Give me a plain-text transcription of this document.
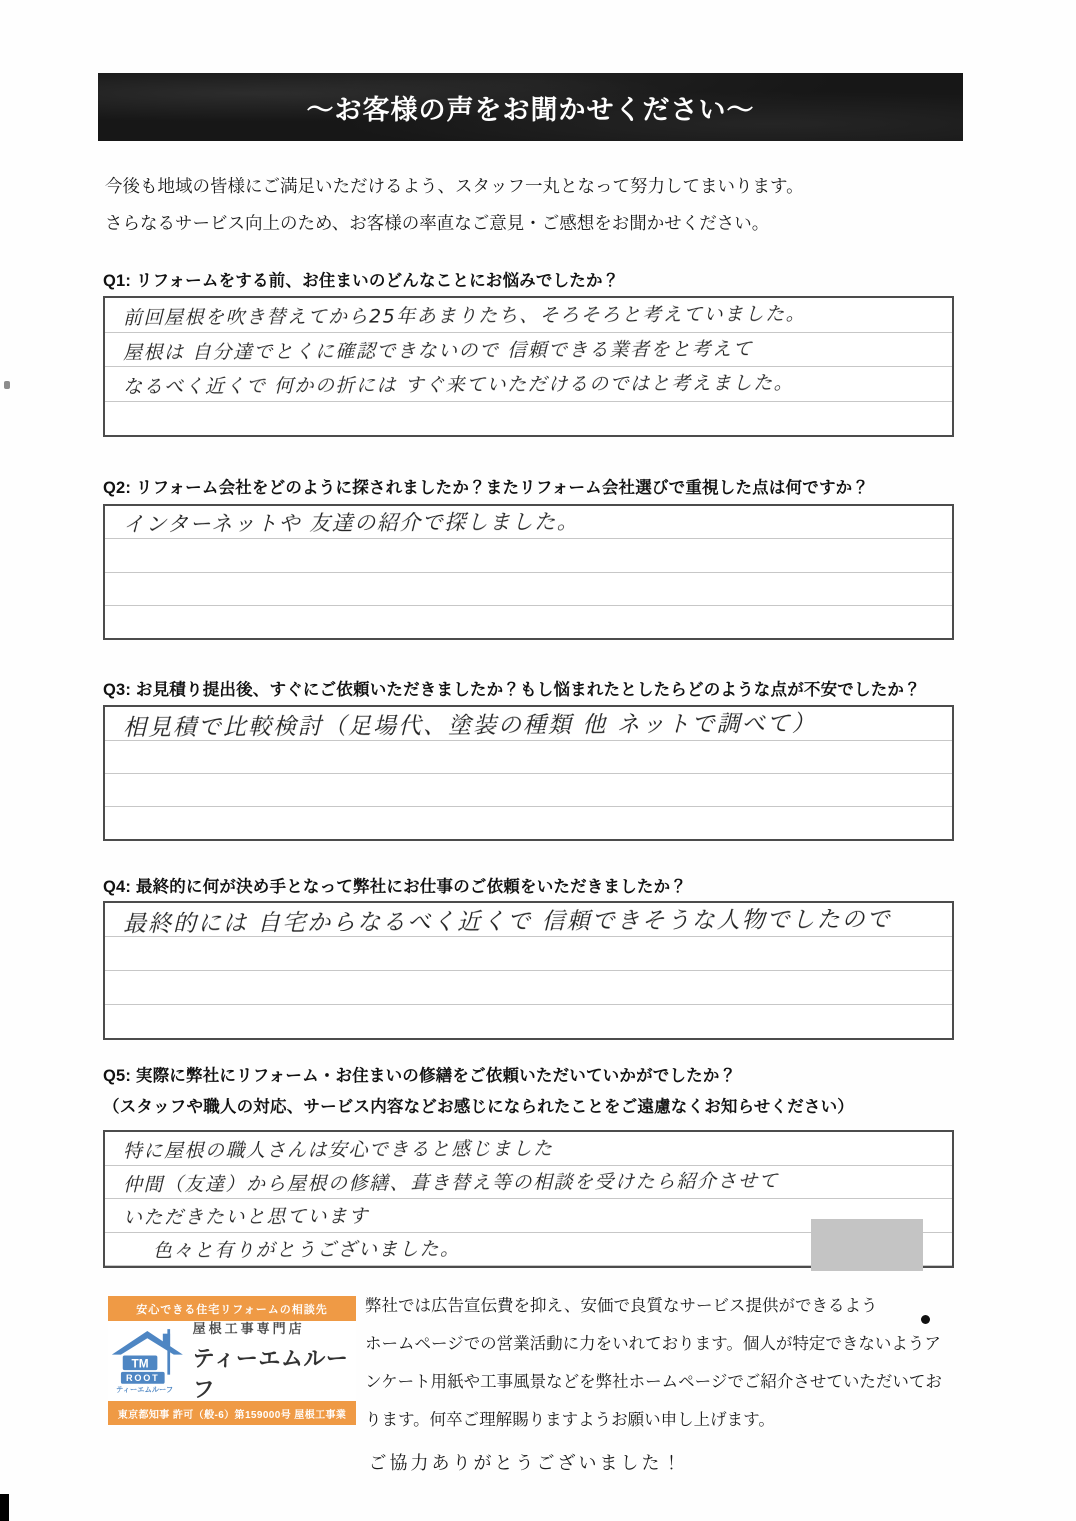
～お客様の声をお聞かせください～
今後も地域の皆様にご満足いただけるよう、スタッフ一丸となって努力してまいります。
さらなるサービス向上のため、お客様の率直なご意見・ご感想をお聞かせください。
Q1: リフォームをする前、お住まいのどんなことにお悩みでしたか？
前回屋根を吹き替えてから25年あまりたち、そろそろと考えていました。
屋根は 自分達でとくに確認できないので 信頼できる業者をと考えて
なるべく近くで 何かの折には すぐ来ていただけるのではと考えました。
Q2: リフォーム会社をどのように探されましたか？またリフォーム会社選びで重視した点は何ですか？
インターネットや 友達の紹介で探しました。
Q3: お見積り提出後、すぐにご依頼いただきましたか？もし悩まれたとしたらどのような点が不安でしたか？
相見積で比較検討（足場代、塗装の種類 他 ネットで調べて）
Q4: 最終的に何が決め手となって弊社にお仕事のご依頼をいただきましたか？
最終的には 自宅からなるべく近くで 信頼できそうな人物でしたので
Q5: 実際に弊社にリフォーム・お住まいの修繕をご依頼いただいていかがでしたか？
（スタッフや職人の対応、サービス内容などお感じになられたことをご遠慮なくお知らせください）
特に屋根の職人さんは安心できると感じました
仲間（友達）から屋根の修繕、葺き替え等の相談を受けたら紹介させて
いただきたいと思ています
色々と有りがとうございました。
安心できる住宅リフォームの相談先
TM
ROOT
ティーエムルーフ
屋根工事専門店
ティーエムルーフ
東京都知事 許可（般-6）第159000号 屋根工事業
弊社では広告宣伝費を抑え、安価で良質なサービス提供ができるよう
ホームページでの営業活動に力をいれております。個人が特定できないようア
ンケート用紙や工事風景などを弊社ホームページでご紹介させていただいてお
ります。何卒ご理解賜りますようお願い申し上げます。
ご協力ありがとうございました！
